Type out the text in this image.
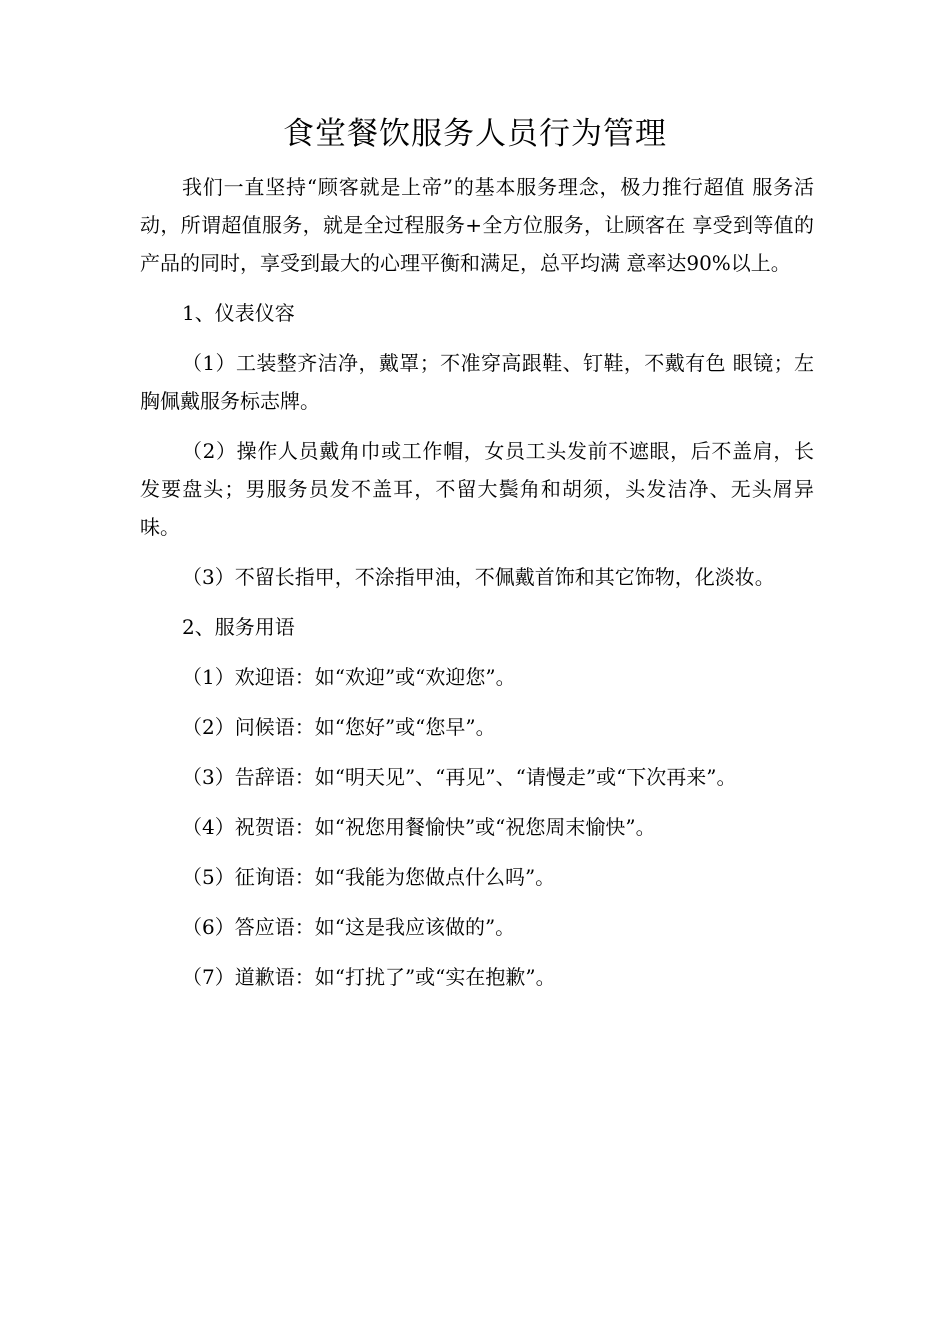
食堂餐饮服务人员行为管理

我们一直坚持“顾客就是上帝”的基本服务理念，极力推行超值 服务活动，所谓超值服务，就是全过程服务+全方位服务，让顾客在 享受到等值的产品的同时，享受到最大的心理平衡和满足，总平均满 意率达90%以上。

1、仪表仪容

（1）工装整齐洁净，戴罩；不准穿高跟鞋、钉鞋，不戴有色 眼镜；左胸佩戴服务标志牌。

（2）操作人员戴角巾或工作帽，女员工头发前不遮眼，后不盖肩，长发要盘头；男服务员发不盖耳，不留大鬓角和胡须，头发洁净、无头屑异味。

（3）不留长指甲，不涂指甲油，不佩戴首饰和其它饰物，化淡妆。

2、服务用语

（1）欢迎语：如“欢迎”或“欢迎您”。

（2）问候语：如“您好”或“您早”。

（3）告辞语：如“明天见”、“再见”、“请慢走”或“下次再来”。

（4）祝贺语：如“祝您用餐愉快”或“祝您周末愉快”。

（5）征询语：如“我能为您做点什么吗”。

（6）答应语：如“这是我应该做的”。

（7）道歉语：如“打扰了”或“实在抱歉”。
